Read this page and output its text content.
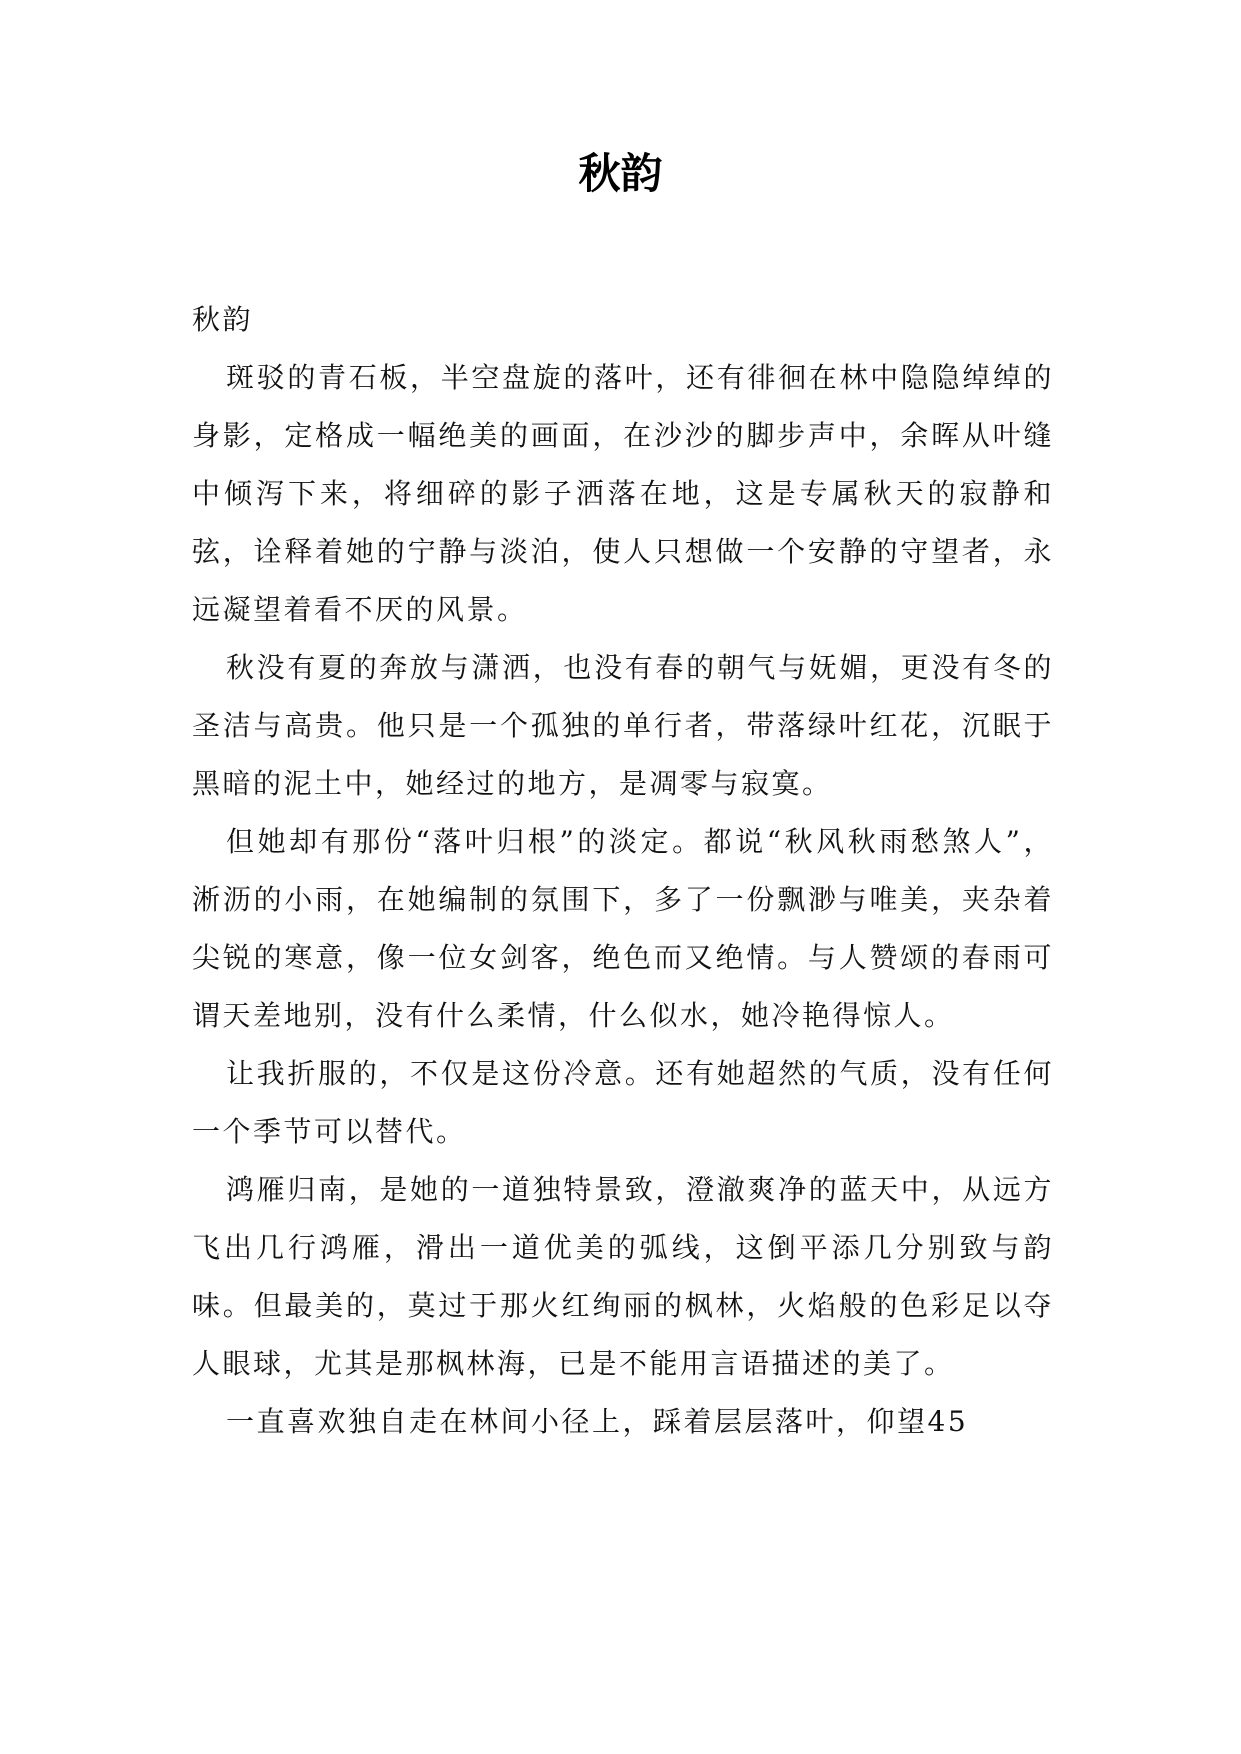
秋韵

秋韵

斑驳的青石板，半空盘旋的落叶，还有徘徊在林中隐隐绰绰的身影，定格成一幅绝美的画面，在沙沙的脚步声中，余晖从叶缝中倾泻下来，将细碎的影子洒落在地，这是专属秋天的寂静和弦，诠释着她的宁静与淡泊，使人只想做一个安静的守望者，永远凝望着看不厌的风景。

秋没有夏的奔放与潇洒，也没有春的朝气与妩媚，更没有冬的圣洁与高贵。他只是一个孤独的单行者，带落绿叶红花，沉眠于黑暗的泥土中，她经过的地方，是凋零与寂寞。

但她却有那份“落叶归根”的淡定。都说“秋风秋雨愁煞人”，淅沥的小雨，在她编制的氛围下，多了一份飘渺与唯美，夹杂着尖锐的寒意，像一位女剑客，绝色而又绝情。与人赞颂的春雨可谓天差地别，没有什么柔情，什么似水，她冷艳得惊人。

让我折服的，不仅是这份冷意。还有她超然的气质，没有任何一个季节可以替代。

鸿雁归南，是她的一道独特景致，澄澈爽净的蓝天中，从远方飞出几行鸿雁，滑出一道优美的弧线，这倒平添几分别致与韵味。但最美的，莫过于那火红绚丽的枫林，火焰般的色彩足以夺人眼球，尤其是那枫林海，已是不能用言语描述的美了。

一直喜欢独自走在林间小径上，踩着层层落叶，仰望45
